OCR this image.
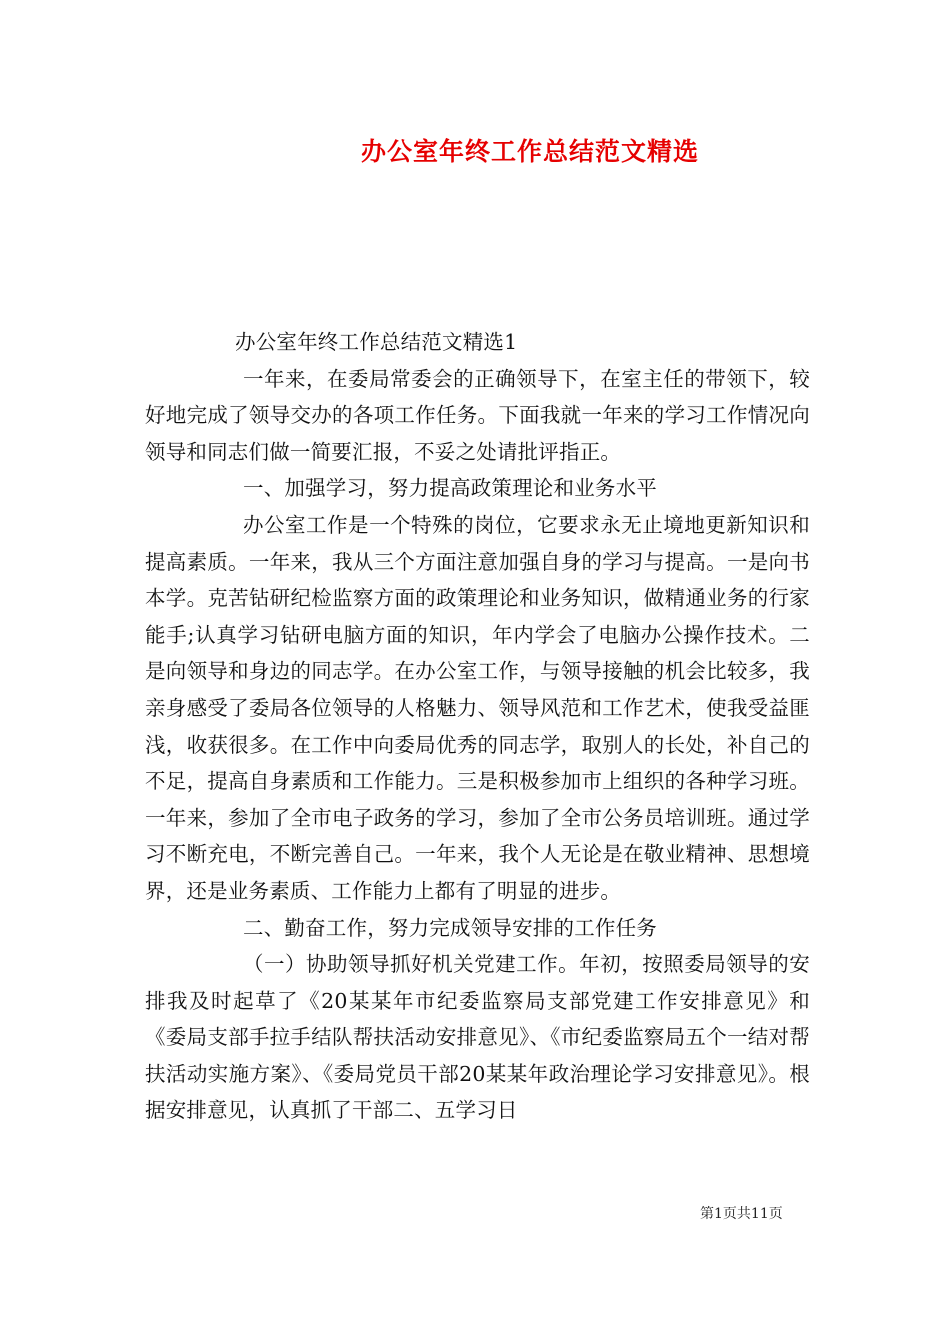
办公室年终工作总结范文精选

办公室年终工作总结范文精选1

一年来，在委局常委会的正确领导下，在室主任的带领下，较好地完成了领导交办的各项工作任务。下面我就一年来的学习工作情况向领导和同志们做一简要汇报，不妥之处请批评指正。

一、加强学习，努力提高政策理论和业务水平

办公室工作是一个特殊的岗位，它要求永无止境地更新知识和提高素质。一年来，我从三个方面注意加强自身的学习与提高。一是向书本学。克苦钻研纪检监察方面的政策理论和业务知识，做精通业务的行家能手;认真学习钻研电脑方面的知识，年内学会了电脑办公操作技术。二是向领导和身边的同志学。在办公室工作，与领导接触的机会比较多，我亲身感受了委局各位领导的人格魅力、领导风范和工作艺术，使我受益匪浅，收获很多。在工作中向委局优秀的同志学，取别人的长处，补自己的不足，提高自身素质和工作能力。三是积极参加市上组织的各种学习班。一年来，参加了全市电子政务的学习，参加了全市公务员培训班。通过学习不断充电，不断完善自己。一年来，我个人无论是在敬业精神、思想境界，还是业务素质、工作能力上都有了明显的进步。

二、勤奋工作，努力完成领导安排的工作任务

（一）协助领导抓好机关党建工作。年初，按照委局领导的安排我及时起草了《20某某年市纪委监察局支部党建工作安排意见》和《委局支部手拉手结队帮扶活动安排意见》、《市纪委监察局五个一结对帮扶活动实施方案》、《委局党员干部20某某年政治理论学习安排意见》。根据安排意见，认真抓了干部二、五学习日

第1页共11页
